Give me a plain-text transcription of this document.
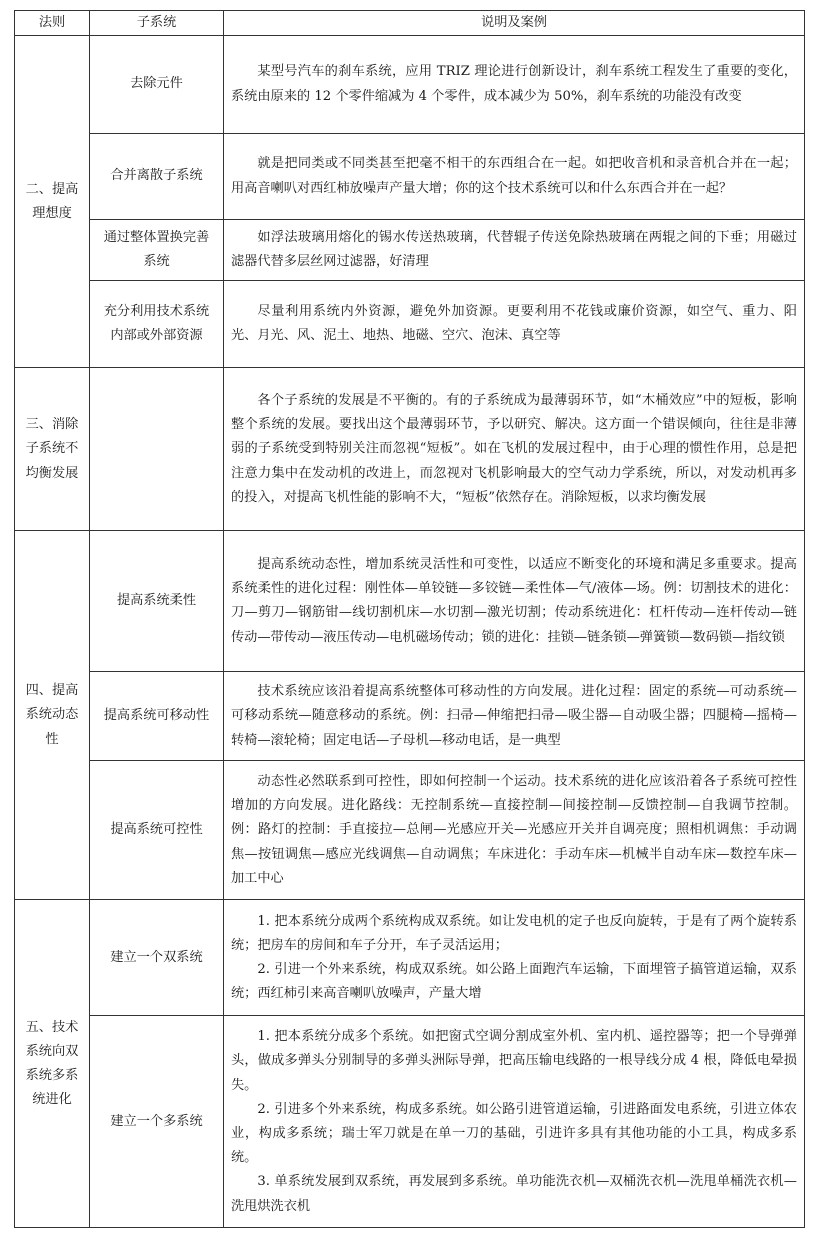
法则	子系统	说明及案例

二、提高理想度	去除元件	某型号汽车的刹车系统，应用 TRIZ 理论进行创新设计，刹车系统工程发生了重要的变化，系统由原来的 12 个零件缩减为 4 个零件，成本减少为 50%，刹车系统的功能没有改变

	合并离散子系统	就是把同类或不同类甚至把毫不相干的东西组合在一起。如把收音机和录音机合并在一起；用高音喇叭对西红柿放噪声产量大增；你的这个技术系统可以和什么东西合并在一起？

	通过整体置换完善系统	如浮法玻璃用熔化的锡水传送热玻璃，代替辊子传送免除热玻璃在两辊之间的下垂；用磁过滤器代替多层丝网过滤器，好清理

	充分利用技术系统内部或外部资源	尽量利用系统内外资源，避免外加资源。更要利用不花钱或廉价资源，如空气、重力、阳光、月光、风、泥土、地热、地磁、空穴、泡沫、真空等

三、消除子系统不均衡发展		各个子系统的发展是不平衡的。有的子系统成为最薄弱环节，如“木桶效应”中的短板，影响整个系统的发展。要找出这个最薄弱环节，予以研究、解决。这方面一个错误倾向，往往是非薄弱的子系统受到特别关注而忽视“短板”。如在飞机的发展过程中，由于心理的惯性作用，总是把注意力集中在发动机的改进上，而忽视对飞机影响最大的空气动力学系统，所以，对发动机再多的投入，对提高飞机性能的影响不大，“短板”依然存在。消除短板，以求均衡发展

四、提高系统动态性	提高系统柔性	提高系统动态性，增加系统灵活性和可变性，以适应不断变化的环境和满足多重要求。提高系统柔性的进化过程：刚性体—单铰链—多铰链—柔性体—气/液体—场。例：切割技术的进化：刀—剪刀—钢筋钳—线切割机床—水切割—激光切割；传动系统进化：杠杆传动—连杆传动—链传动—带传动—液压传动—电机磁场传动；锁的进化：挂锁—链条锁—弹簧锁—数码锁—指纹锁

	提高系统可移动性	技术系统应该沿着提高系统整体可移动性的方向发展。进化过程：固定的系统—可动系统—可移动系统—随意移动的系统。例：扫帚—伸缩把扫帚—吸尘器—自动吸尘器；四腿椅—摇椅—转椅—滚轮椅；固定电话—子母机—移动电话，是一典型

	提高系统可控性	动态性必然联系到可控性，即如何控制一个运动。技术系统的进化应该沿着各子系统可控性增加的方向发展。进化路线：无控制系统—直接控制—间接控制—反馈控制—自我调节控制。例：路灯的控制：手直接拉—总闸—光感应开关—光感应开关并自调亮度；照相机调焦：手动调焦—按钮调焦—感应光线调焦—自动调焦；车床进化：手动车床—机械半自动车床—数控车床—加工中心

五、技术系统向双系统多系统进化	建立一个双系统	1. 把本系统分成两个系统构成双系统。如让发电机的定子也反向旋转，于是有了两个旋转系统；把房车的房间和车子分开，车子灵活运用；

2. 引进一个外来系统，构成双系统。如公路上面跑汽车运输，下面埋管子搞管道运输，双系统；西红柿引来高音喇叭放噪声，产量大增

	建立一个多系统	1. 把本系统分成多个系统。如把窗式空调分割成室外机、室内机、遥控器等；把一个导弹弹头，做成多弹头分别制导的多弹头洲际导弹，把高压输电线路的一根导线分成 4 根，降低电晕损失。

2. 引进多个外来系统，构成多系统。如公路引进管道运输，引进路面发电系统，引进立体农业，构成多系统；瑞士军刀就是在单一刀的基础，引进许多具有其他功能的小工具，构成多系统。

3. 单系统发展到双系统，再发展到多系统。单功能洗衣机—双桶洗衣机—洗甩单桶洗衣机—洗甩烘洗衣机
